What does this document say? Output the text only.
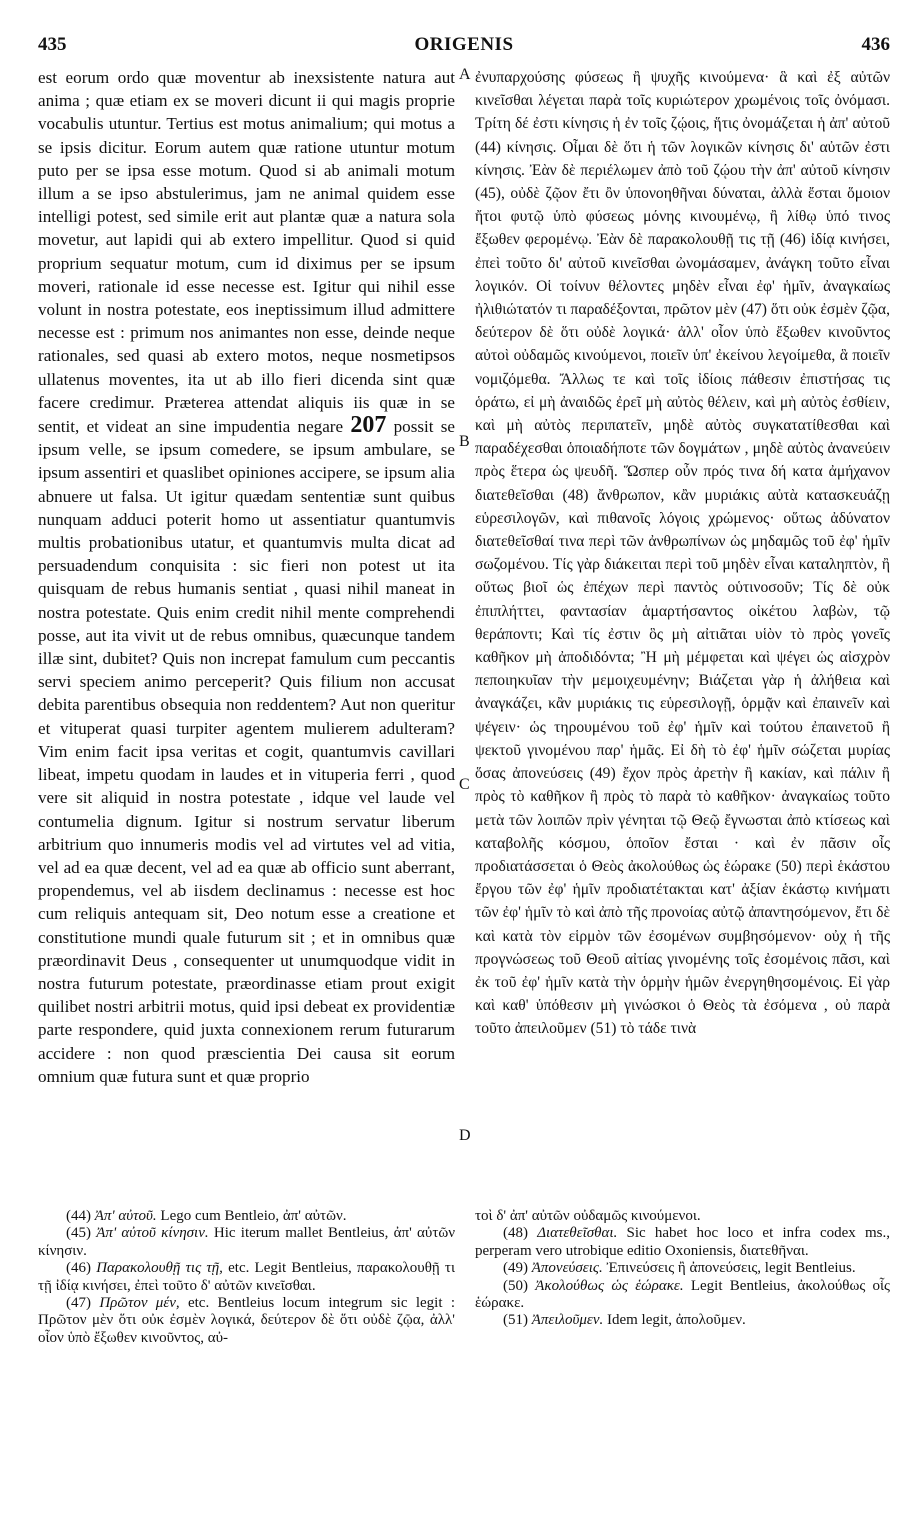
435	ORIGENIS	436
A
B
C
D

est eorum ordo quæ moventur ab inexsistente natura aut anima ; quæ etiam ex se moveri dicunt ii qui magis proprie vocabulis utuntur. Tertius est motus animalium; qui motus a se ipsis dicitur. Eorum autem quæ ratione utuntur motum puto per se ipsa esse motum. Quod si ab animali motum illum a se ipso abstulerimus, jam ne animal quidem esse intelligi potest, sed simile erit aut plantæ quæ a natura sola movetur, aut lapidi qui ab extero impellitur. Quod si quid proprium sequatur motum, cum id diximus per se ipsum moveri, rationale id esse necesse est. Igitur qui nihil esse volunt in nostra potestate, eos ineptissimum illud admittere necesse est : primum nos animantes non esse, deinde neque rationales, sed quasi ab extero motos, neque nosmetipsos ullatenus moventes, ita ut ab illo fieri dicenda sint quæ facere credimur. Præterea attendat aliquis iis quæ in se sentit, et videat an sine impudentia negare 207 possit se ipsum velle, se ipsum comedere, se ipsum ambulare, se ipsum assentiri et quaslibet opiniones accipere, se ipsum alia abnuere ut falsa. Ut igitur quædam sententiæ sunt quibus nunquam adduci poterit homo ut assentiatur quantumvis multis probationibus utatur, et quantumvis multa dicat ad persuadendum conquisita : sic fieri non potest ut ita quisquam de rebus humanis sentiat , quasi nihil maneat in nostra potestate. Quis enim credit nihil mente comprehendi posse, aut ita vivit ut de rebus omnibus, quæcunque tandem illæ sint, dubitet? Quis non increpat famulum cum peccantis servi speciem animo perceperit? Quis filium non accusat debita parentibus obsequia non reddentem? Aut non queritur et vituperat quasi turpiter agentem mulierem adulteram? Vim enim facit ipsa veritas et cogit, quantumvis cavillari libeat, impetu quodam in laudes et in vituperia ferri , quod vere sit aliquid in nostra potestate , idque vel laude vel contumelia dignum. Igitur si nostrum servatur liberum arbitrium quo innumeris modis vel ad virtutes vel ad vitia, vel ad ea quæ decent, vel ad ea quæ ab officio sunt aberrant, propendemus, vel ab iisdem declinamus : necesse est hoc cum reliquis antequam sit, Deo notum esse a creatione et constitutione mundi quale futurum sit ; et in omnibus quæ præordinavit Deus , consequenter ut unumquodque vidit in nostra futurum potestate, præordinasse etiam prout exigit quilibet nostri arbitrii motus, quid ipsi debeat ex providentiæ parte respondere, quid juxta connexionem rerum futurarum accidere : non quod præscientia Dei causa sit eorum omnium quæ futura sunt et quæ proprio

ἐνυπαρχούσης φύσεως ἢ ψυχῆς κινούμενα· ἃ καὶ ἐξ αὐτῶν κινεῖσθαι λέγεται παρὰ τοῖς κυριώτερον χρωμένοις τοῖς ὀνόμασι. Τρίτη δέ ἐστι κίνησις ἡ ἐν τοῖς ζῴοις, ἥτις ὀνομάζεται ἡ ἀπ' αὐτοῦ (44) κίνησις. Οἶμαι δὲ ὅτι ἡ τῶν λογικῶν κίνησις δι' αὐτῶν ἐστι κίνησις. Ἐὰν δὲ περιέλωμεν ἀπὸ τοῦ ζῴου τὴν ἀπ' αὐτοῦ κίνησιν (45), οὐδὲ ζῷον ἔτι ὂν ὑπονοηθῆναι δύναται, ἀλλὰ ἔσται ὅμοιον ἤτοι φυτῷ ὑπὸ φύσεως μόνης κινουμένῳ, ἢ λίθῳ ὑπό τινος ἔξωθεν φερομένῳ. Ἐὰν δὲ παρακολουθῇ τις τῇ (46) ἰδίᾳ κινήσει, ἐπεὶ τοῦτο δι' αὐτοῦ κινεῖσθαι ὠνομάσαμεν, ἀνάγκη τοῦτο εἶναι λογικόν. Οἱ τοίνυν θέλοντες μηδὲν εἶναι ἐφ' ἡμῖν, ἀναγκαίως ἠλιθιώτατόν τι παραδέξονται, πρῶτον μὲν (47) ὅτι οὐκ ἐσμὲν ζῷα, δεύτερον δὲ ὅτι οὐδὲ λογικά· ἀλλ' οἷον ὑπὸ ἔξωθεν κινοῦντος αὐτοὶ οὐδαμῶς κινούμενοι, ποιεῖν ὑπ' ἐκείνου λεγοίμεθα, ἃ ποιεῖν νομιζόμεθα. Ἄλλως τε καὶ τοῖς ἰδίοις πάθεσιν ἐπιστήσας τις ὁράτω, εἰ μὴ ἀναιδῶς ἐρεῖ μὴ αὐτὸς θέλειν, καὶ μὴ αὐτὸς ἐσθίειν, καὶ μὴ αὐτὸς περιπατεῖν, μηδὲ αὐτὸς συγκατατίθεσθαι καὶ παραδέχεσθαι ὁποιαδήποτε τῶν δογμάτων , μηδὲ αὐτὸς ἀνανεύειν πρὸς ἕτερα ὡς ψευδῆ. Ὥσπερ οὖν πρός τινα δή κατα ἀμήχανον διατεθεῖσθαι (48) ἄνθρωπον, κἂν μυριάκις αὐτὰ κατασκευάζῃ εὑρεσιλογῶν, καὶ πιθανοῖς λόγοις χρώμενος· οὕτως ἀδύνατον διατεθεῖσθαί τινα περὶ τῶν ἀνθρωπίνων ὡς μηδαμῶς τοῦ ἐφ' ἡμῖν σωζομένου. Τίς γὰρ διάκειται περὶ τοῦ μηδὲν εἶναι καταληπτὸν, ἢ οὕτως βιοῖ ὡς ἐπέχων περὶ παντὸς οὑτινοσοῦν; Τίς δὲ οὐκ ἐπιπλήττει, φαντασίαν ἁμαρτήσαντος οἰκέτου λαβὼν, τῷ θεράποντι; Καὶ τίς ἐστιν ὃς μὴ αἰτιᾶται υἱὸν τὸ πρὸς γονεῖς καθῆκον μὴ ἀποδιδόντα; Ἢ μὴ μέμφεται καὶ ψέγει ὡς αἰσχρὸν πεποιηκυῖαν τὴν μεμοιχευμένην; Βιάζεται γὰρ ἡ ἀλήθεια καὶ ἀναγκάζει, κἂν μυριάκις τις εὑρεσιλογῇ, ὁρμᾷν καὶ ἐπαινεῖν καὶ ψέγειν· ὡς τηρουμένου τοῦ ἐφ' ἡμῖν καὶ τούτου ἐπαινετοῦ ἢ ψεκτοῦ γινομένου παρ' ἡμᾶς. Εἰ δὴ τὸ ἐφ' ἡμῖν σώζεται μυρίας ὅσας ἀπονεύσεις (49) ἔχον πρὸς ἀρετὴν ἢ κακίαν, καὶ πάλιν ἢ πρὸς τὸ καθῆκον ἢ πρὸς τὸ παρὰ τὸ καθῆκον· ἀναγκαίως τοῦτο μετὰ τῶν λοιπῶν πρὶν γένηται τῷ Θεῷ ἔγνωσται ἀπὸ κτίσεως καὶ καταβολῆς κόσμου, ὁποῖον ἔσται · καὶ ἐν πᾶσιν οἷς προδιατάσσεται ὁ Θεὸς ἀκολούθως ὡς ἑώρακε (50) περὶ ἑκάστου ἔργου τῶν ἐφ' ἡμῖν προδιατέτακται κατ' ἀξίαν ἑκάστῳ κινήματι τῶν ἐφ' ἡμῖν τὸ καὶ ἀπὸ τῆς προνοίας αὐτῷ ἀπαντησόμενον, ἔτι δὲ καὶ κατὰ τὸν εἱρμὸν τῶν ἐσομένων συμβησόμενον· οὐχ ἡ τῆς προγνώσεως τοῦ Θεοῦ αἰτίας γινομένης τοῖς ἐσομένοις πᾶσι, καὶ ἐκ τοῦ ἐφ' ἡμῖν κατὰ τὴν ὁρμὴν ἡμῶν ἐνεργηθησομένοις. Εἰ γὰρ καὶ καθ' ὑπόθεσιν μὴ γινώσκοι ὁ Θεὸς τὰ ἐσόμενα , οὐ παρὰ τοῦτο ἀπειλοῦμεν (51) τὸ τάδε τινὰ

(44) Ἀπ' αὐτοῦ. Lego cum Bentleio, ἀπ' αὐτῶν.

(45) Ἀπ' αὐτοῦ κίνησιν. Hic iterum mallet Bentleius, ἀπ' αὐτῶν κίνησιν.

(46) Παρακολουθῇ τις τῇ, etc. Legit Bentleius, παρακολουθῇ τι τῇ ἰδίᾳ κινήσει, ἐπεὶ τοῦτο δ' αὐτῶν κινεῖσθαι.

(47) Πρῶτον μέν, etc. Bentleius locum integrum sic legit : Πρῶτον μὲν ὅτι οὐκ ἐσμὲν λογικά, δεύτερον δὲ ὅτι οὐδὲ ζῷα, ἀλλ' οἷον ὑπὸ ἔξωθεν κινοῦντος, αὐ-

τοὶ δ' ἀπ' αὐτῶν οὐδαμῶς κινούμενοι.

(48) Διατεθεῖσθαι. Sic habet hoc loco et infra codex ms., perperam vero utrobique editio Oxoniensis, διατεθῆναι.

(49) Ἀπονεύσεις. Ἐπινεύσεις ἢ ἀπονεύσεις, legit Bentleius.

(50) Ἀκολούθως ὡς ἑώρακε. Legit Bentleius, ἀκολούθως οἷς ἑώρακε.

(51) Ἀπειλοῦμεν. Idem legit, ἀπολοῦμεν.
